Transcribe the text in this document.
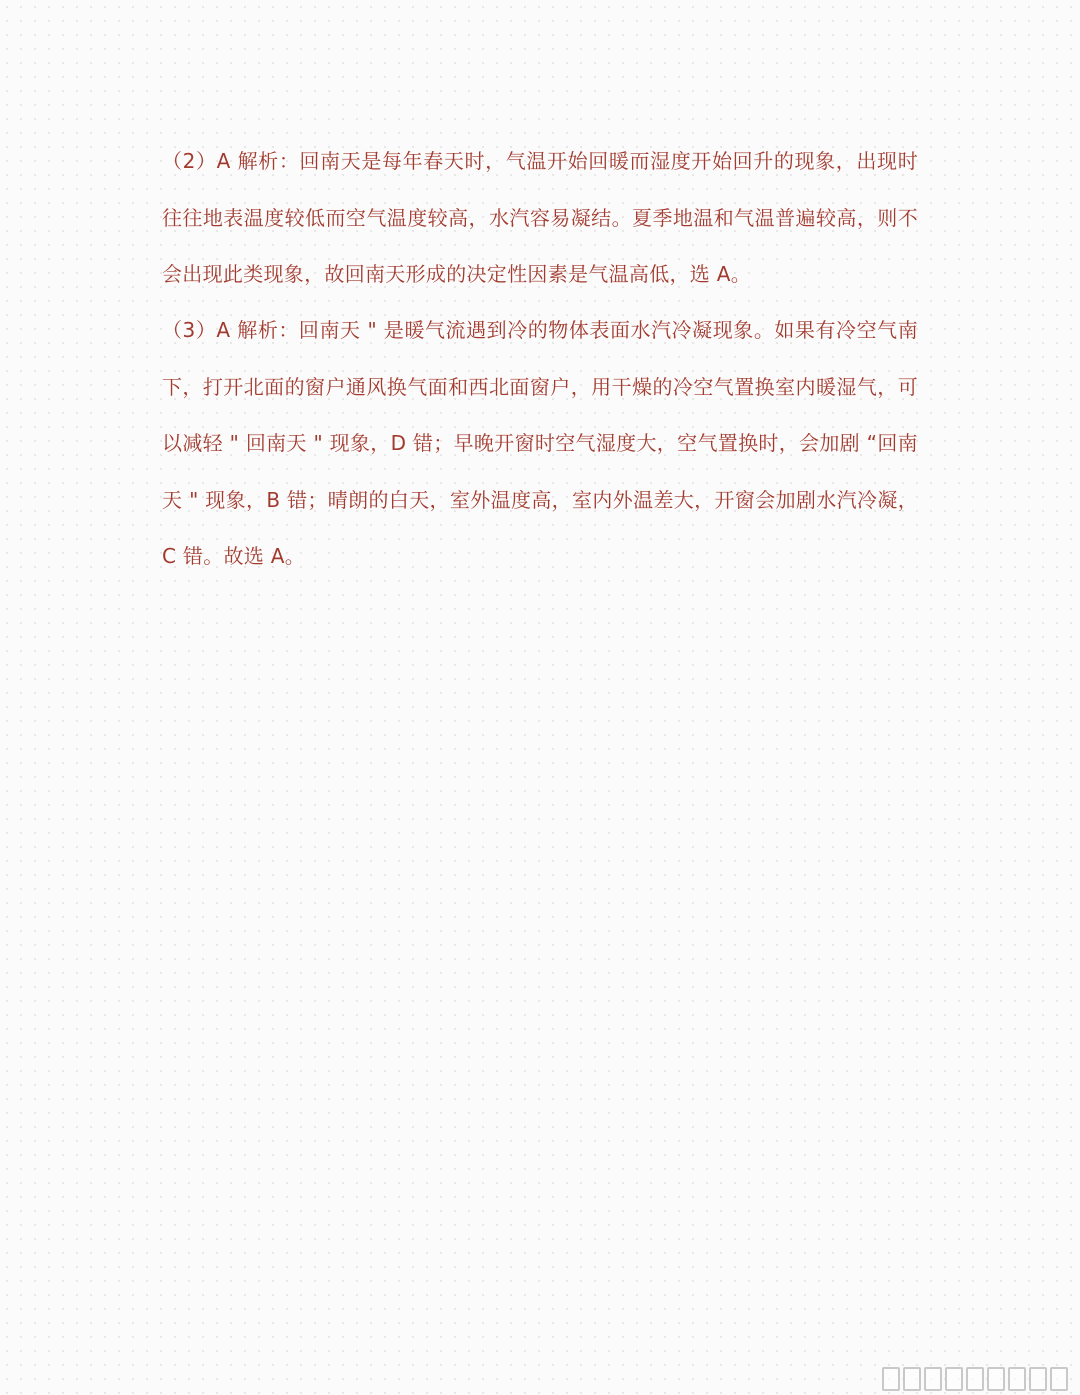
（2）A 解析：回南天是每年春天时，气温开始回暖而湿度开始回升的现象，出现时往往地表温度较低而空气温度较高，水汽容易凝结。夏季地温和气温普遍较高，则不会出现此类现象，故回南天形成的决定性因素是气温高低，选 A。

（3）A 解析：回南天 " 是暖气流遇到冷的物体表面水汽冷凝现象。如果有冷空气南下，打开北面的窗户通风换气面和西北面窗户，用干燥的冷空气置换室内暖湿气，可以减轻 " 回南天 " 现象，D 错；早晚开窗时空气湿度大，空气置换时，会加剧 “回南天 " 现象，B 错；晴朗的白天，室外温度高，室内外温差大，开窗会加剧水汽冷凝，C 错。故选 A。
